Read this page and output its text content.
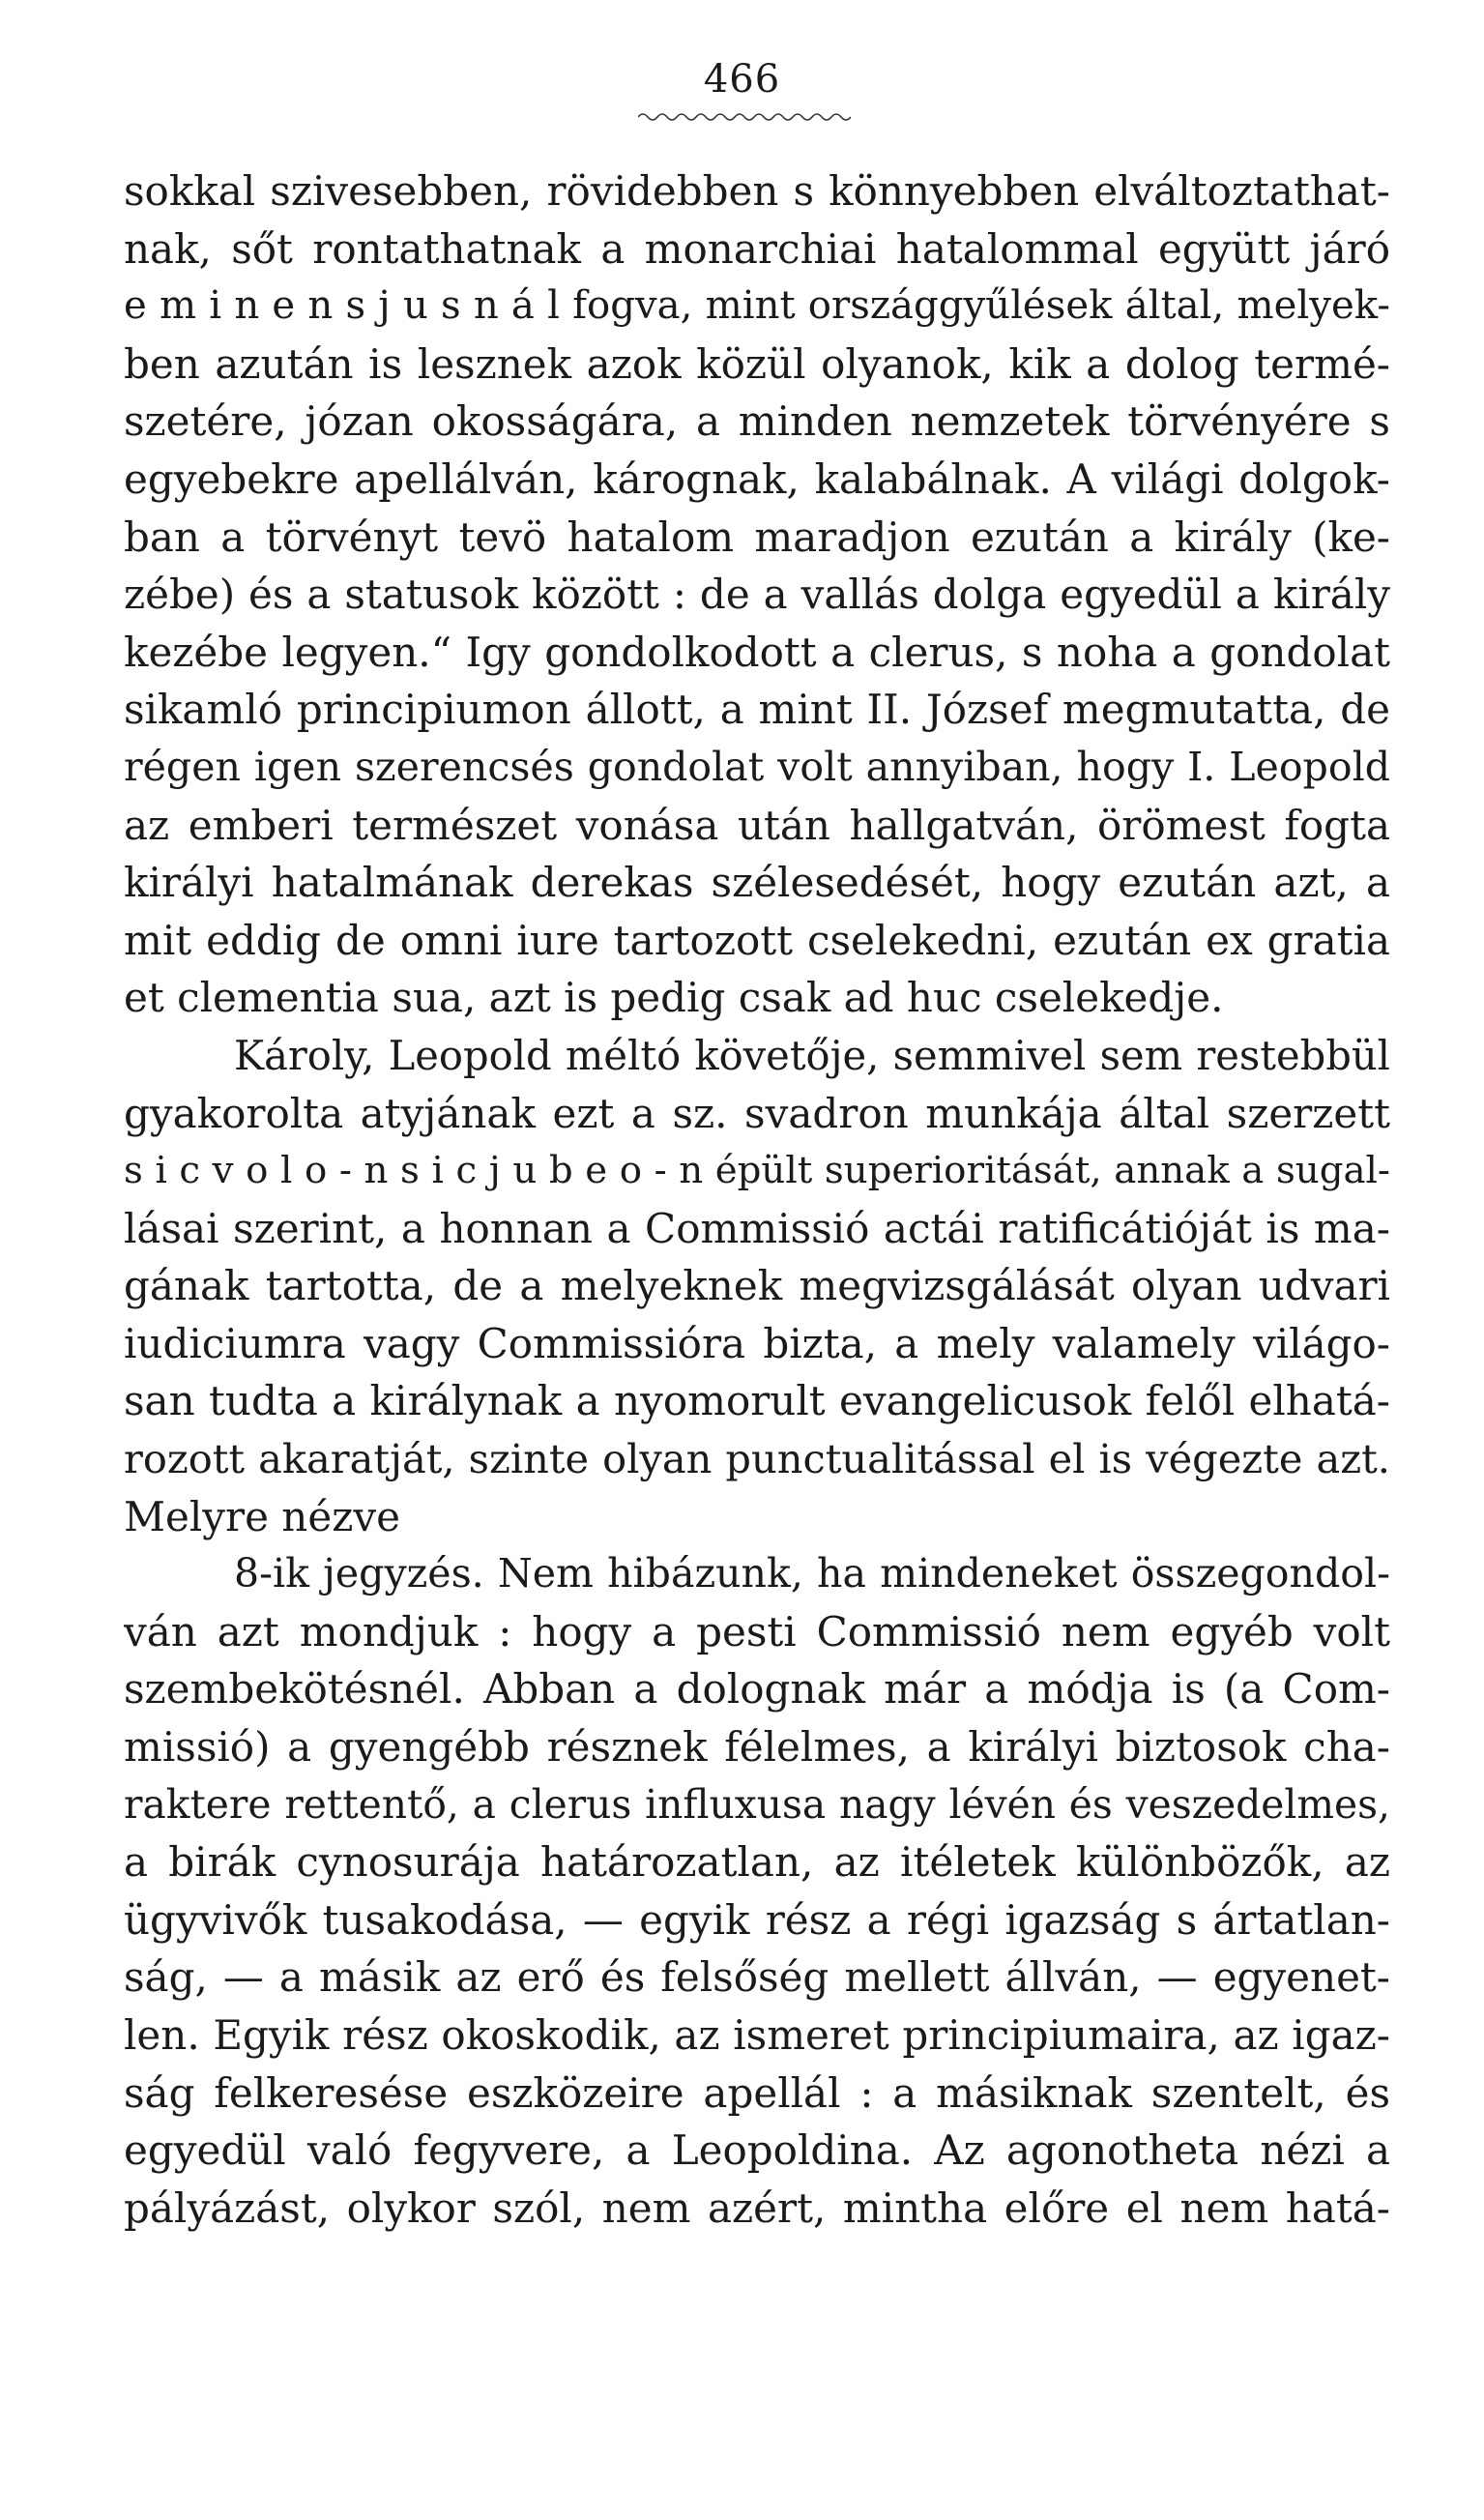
466
sokkal szivesebben, rövidebben s könnyebben elváltoztathat-
nak, sőt rontathatnak a monarchiai hatalommal együtt járó
e m i n e n s j u s n á l fogva, mint országgyűlések által, melyek-
ben azután is lesznek azok közül olyanok, kik a dolog termé-
szetére, józan okosságára, a minden nemzetek törvényére s
egyebekre apellálván, kárognak, kalabálnak. A világi dolgok-
ban a törvényt tevö hatalom maradjon ezután a király (ke-
zébe) és a statusok között : de a vallás dolga egyedül a király
kezébe legyen.“ Igy gondolkodott a clerus, s noha a gondolat
sikamló principiumon állott, a mint II. József megmutatta, de
régen igen szerencsés gondolat volt annyiban, hogy I. Leopold
az emberi természet vonása után hallgatván, örömest fogta
királyi hatalmának derekas szélesedését, hogy ezután azt, a
mit eddig de omni iure tartozott cselekedni, ezután ex gratia
et clementia sua, azt is pedig csak ad huc cselekedje.
Károly, Leopold méltó követője, semmivel sem restebbül
gyakorolta atyjának ezt a sz. svadron munkája által szerzett
s i c v o l o - n s i c j u b e o - n épült superioritását, annak a sugal-
lásai szerint, a honnan a Commissió actái ratificátióját is ma-
gának tartotta, de a melyeknek megvizsgálását olyan udvari
iudiciumra vagy Commissióra bizta, a mely valamely világo-
san tudta a királynak a nyomorult evangelicusok felől elhatá-
rozott akaratját, szinte olyan punctualitással el is végezte azt.
Melyre nézve
8-ik jegyzés. Nem hibázunk, ha mindeneket összegondol-
ván azt mondjuk : hogy a pesti Commissió nem egyéb volt
szembekötésnél. Abban a dolognak már a módja is (a Com-
missió) a gyengébb résznek félelmes, a királyi biztosok cha-
raktere rettentő, a clerus influxusa nagy lévén és veszedelmes,
a birák cynosurája határozatlan, az itéletek különbözők, az
ügyvivők tusakodása, — egyik rész a régi igazság s ártatlan-
ság, — a másik az erő és felsőség mellett állván, — egyenet-
len. Egyik rész okoskodik, az ismeret principiumaira, az igaz-
ság felkeresése eszközeire apellál : a másiknak szentelt, és
egyedül való fegyvere, a Leopoldina. Az agonotheta nézi a
pályázást, olykor szól, nem azért, mintha előre el nem hatá-
